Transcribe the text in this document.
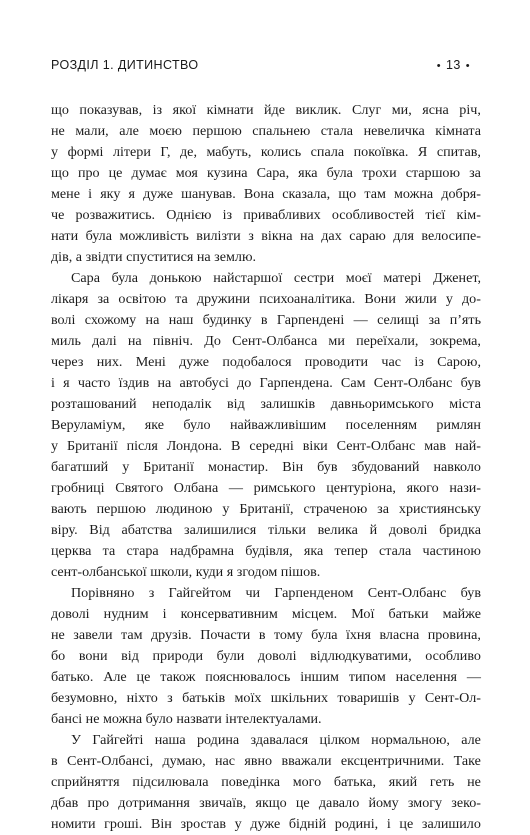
РОЗДІЛ 1. ДИТИНСТВО	• 13 •
що показував, із якої кімнати йде виклик. Слуг ми, ясна річ,
не мали, але моєю першою спальнею стала невеличка кімната
у формі літери Г, де, мабуть, колись спала покоївка. Я спитав,
що про це думає моя кузина Сара, яка була трохи старшою за
мене і яку я дуже шанував. Вона сказала, що там можна добря-
че розважитись. Однією із привабливих особливостей тієї кім-
нати була можливість вилізти з вікна на дах сараю для велосипе-
дів, а звідти спуститися на землю.
Сара була донькою найстаршої сестри моєї матері Дженет,
лікаря за освітою та дружини психоаналітика. Вони жили у до-
волі схожому на наш будинку в Гарпендені — селищі за п’ять
миль далі на північ. До Сент-Олбанса ми переїхали, зокрема,
через них. Мені дуже подобалося проводити час із Сарою,
і я часто їздив на автобусі до Гарпендена. Сам Сент-Олбанс був
розташований неподалік від залишків давньоримського міста
Веруламіум, яке було найважливішим поселенням римлян
у Британії після Лондона. В середні віки Сент-Олбанс мав най-
багатший у Британії монастир. Він був збудований навколо
гробниці Святого Олбана — римського центуріона, якого нази-
вають першою людиною у Британії, страченою за християнську
віру. Від абатства залишилися тільки велика й доволі бридка
церква та стара надбрамна будівля, яка тепер стала частиною
сент-олбанської школи, куди я згодом пішов.
Порівняно з Гайгейтом чи Гарпенденом Сент-Олбанс був
доволі нудним і консервативним місцем. Мої батьки майже
не завели там друзів. Почасти в тому була їхня власна провина,
бо вони від природи були доволі відлюдкуватими, особливо
батько. Але це також пояснювалось іншим типом населення —
безумовно, ніхто з батьків моїх шкільних товаришів у Сент-Ол-
бансі не можна було назвати інтелектуалами.
У Гайгейті наша родина здавалася цілком нормальною, але
в Сент-Олбансі, думаю, нас явно вважали ексцентричними. Таке
сприйняття підсилювала поведінка мого батька, який геть не
дбав про дотримання звичаїв, якщо це давало йому змогу зеко-
номити гроші. Він зростав у дуже бідній родині, і це залишило
